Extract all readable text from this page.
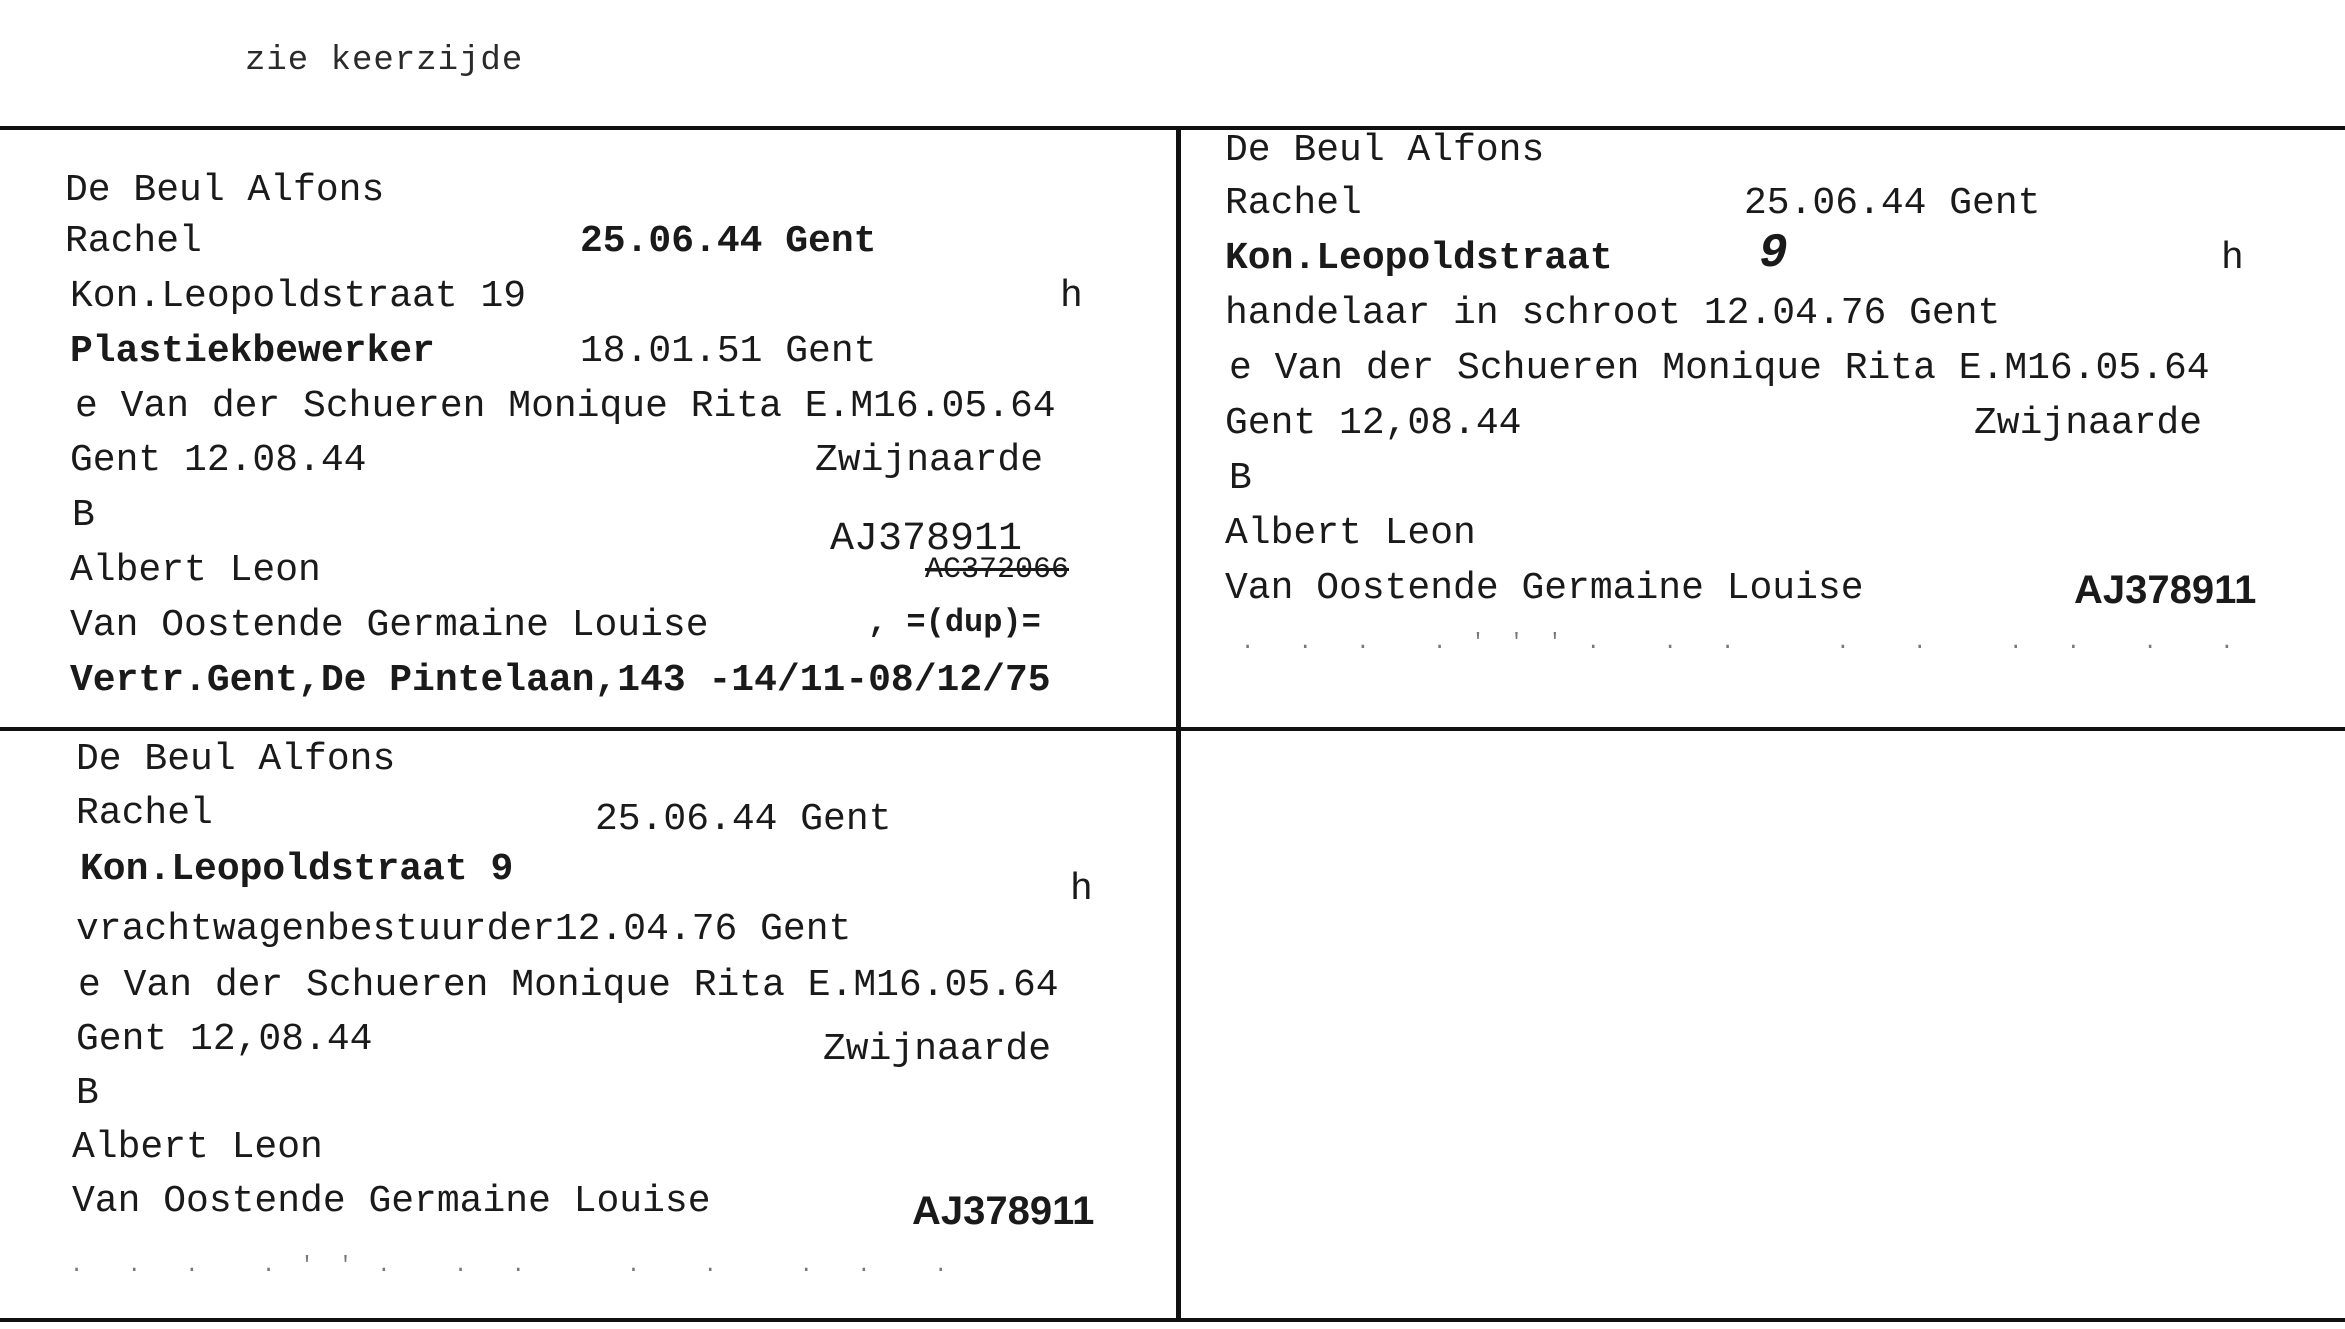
zie keerzijde
De Beul Alfons
Rachel	25.06.44 Gent
Kon.Leopoldstraat 19	h
Plastiekbewerker	18.01.51 Gent
e Van der Schueren Monique Rita E.M16.05.64
Gent 12.08.44	Zwijnaarde
B
AJ378911
AC372066
Albert Leon
Van Oostende Germaine Louise	, =(dup)=
Vertr.Gent,De Pintelaan,143 -14/11-08/12/75
De Beul Alfons
Rachel	25.06.44 Gent
Kon.Leopoldstraat	9	h
handelaar in schroot 12.04.76 Gent
e Van der Schueren Monique Rita E.M16.05.64
Gent 12,08.44	Zwijnaarde
B
Albert Leon
Van Oostende Germaine Louise	AJ378911
.  .  .   . ' ' ' .   .  .     .   .    .  .   .   .
De Beul Alfons
Rachel	25.06.44 Gent
Kon.Leopoldstraat 9	h
vrachtwagenbestuurder12.04.76 Gent
e Van der Schueren Monique Rita E.M16.05.64
Gent 12,08.44	Zwijnaarde
B
Albert Leon
Van Oostende Germaine Louise	AJ378911
.  .  .   . ' ' .   .  .     .   .    .  .   .
